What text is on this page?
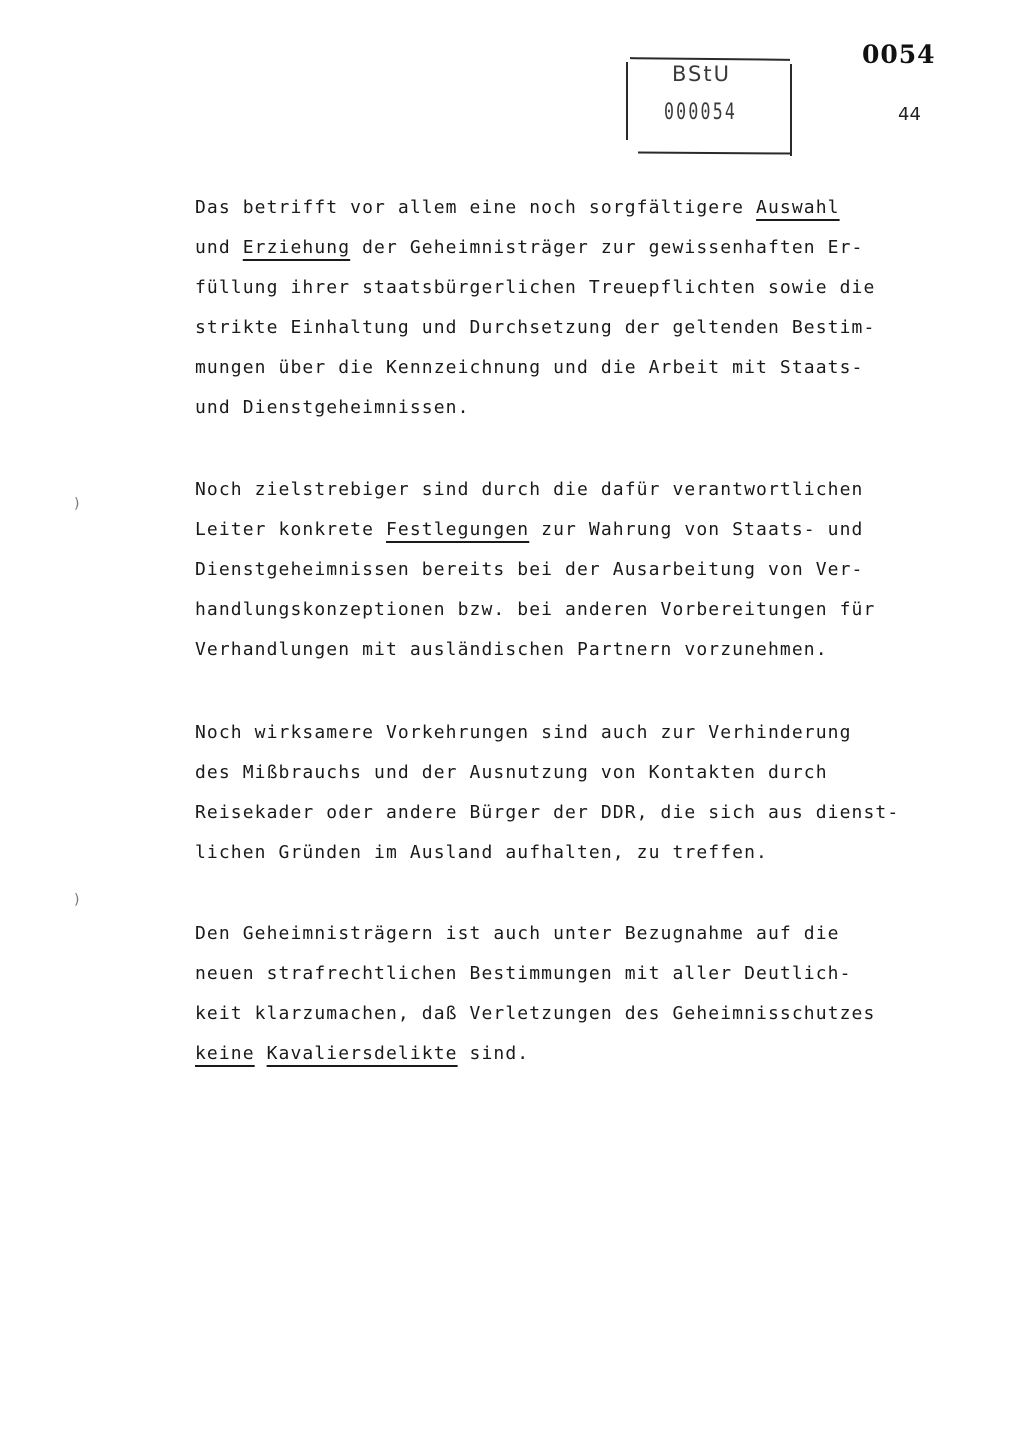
BStU
000054
0054
44
)
)
Das betrifft vor allem eine noch sorgfältigere Auswahl
und Erziehung der Geheimnisträger zur gewissenhaften Er-
füllung ihrer staatsbürgerlichen Treuepflichten sowie die
strikte Einhaltung und Durchsetzung der geltenden Bestim-
mungen über die Kennzeichnung und die Arbeit mit Staats-
und Dienstgeheimnissen.
Noch zielstrebiger sind durch die dafür verantwortlichen
Leiter konkrete Festlegungen zur Wahrung von Staats- und
Dienstgeheimnissen bereits bei der Ausarbeitung von Ver-
handlungskonzeptionen bzw. bei anderen Vorbereitungen für
Verhandlungen mit ausländischen Partnern vorzunehmen.
Noch wirksamere Vorkehrungen sind auch zur Verhinderung
des Mißbrauchs und der Ausnutzung von Kontakten durch
Reisekader oder andere Bürger der DDR, die sich aus dienst-
lichen Gründen im Ausland aufhalten, zu treffen.
Den Geheimnisträgern ist auch unter Bezugnahme auf die
neuen strafrechtlichen Bestimmungen mit aller Deutlich-
keit klarzumachen, daß Verletzungen des Geheimnisschutzes
keine Kavaliersdelikte sind.
